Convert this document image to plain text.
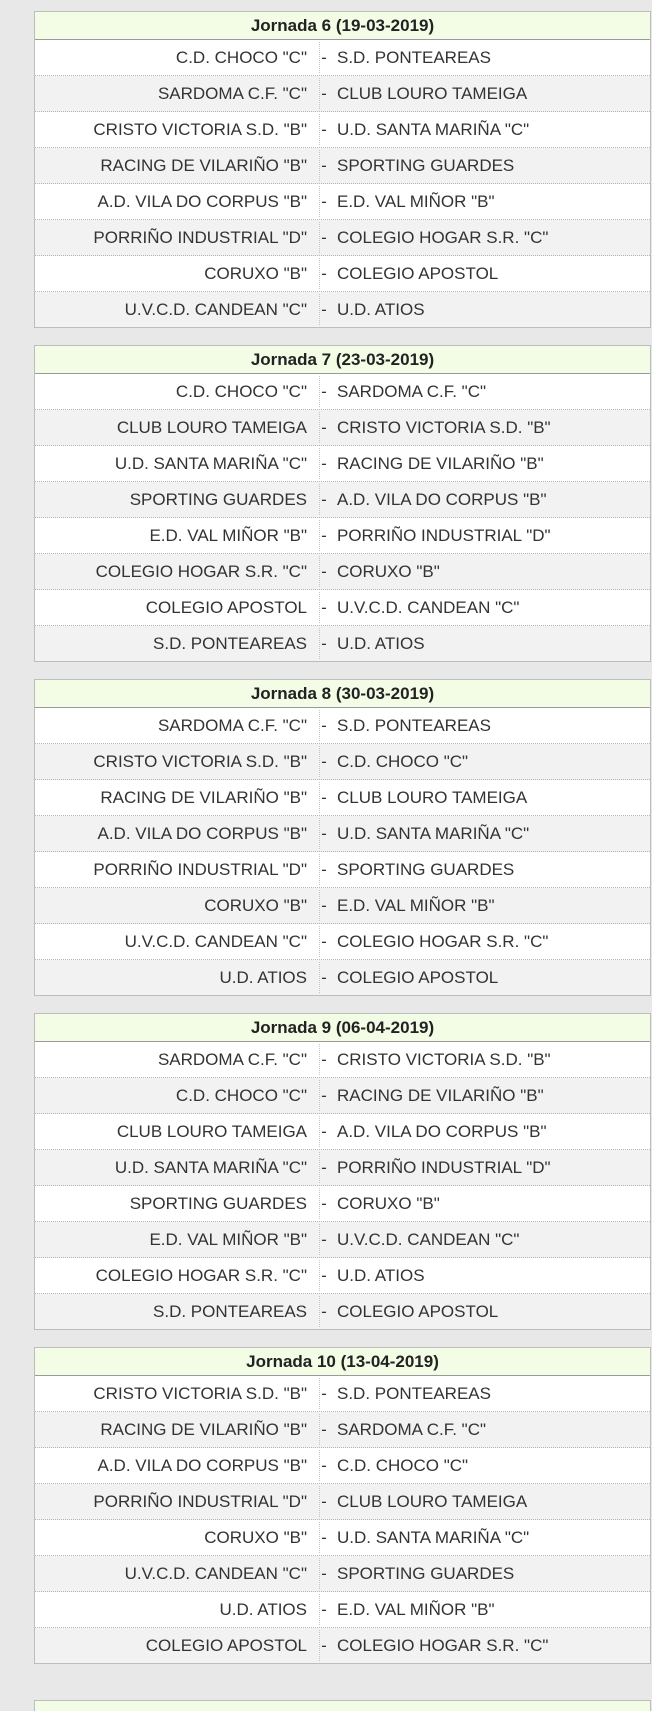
Jornada 6 (19-03-2019)
C.D. CHOCO "C" - S.D. PONTEAREAS
SARDOMA C.F. "C" - CLUB LOURO TAMEIGA
CRISTO VICTORIA S.D. "B" - U.D. SANTA MARIÑA "C"
RACING DE VILARIÑO "B" - SPORTING GUARDES
A.D. VILA DO CORPUS "B" - E.D. VAL MIÑOR "B"
PORRIÑO INDUSTRIAL "D" - COLEGIO HOGAR S.R. "C"
CORUXO "B" - COLEGIO APOSTOL
U.V.C.D. CANDEAN "C" - U.D. ATIOS
Jornada 7 (23-03-2019)
C.D. CHOCO "C" - SARDOMA C.F. "C"
CLUB LOURO TAMEIGA - CRISTO VICTORIA S.D. "B"
U.D. SANTA MARIÑA "C" - RACING DE VILARIÑO "B"
SPORTING GUARDES - A.D. VILA DO CORPUS "B"
E.D. VAL MIÑOR "B" - PORRIÑO INDUSTRIAL "D"
COLEGIO HOGAR S.R. "C" - CORUXO "B"
COLEGIO APOSTOL - U.V.C.D. CANDEAN "C"
S.D. PONTEAREAS - U.D. ATIOS
Jornada 8 (30-03-2019)
SARDOMA C.F. "C" - S.D. PONTEAREAS
CRISTO VICTORIA S.D. "B" - C.D. CHOCO "C"
RACING DE VILARIÑO "B" - CLUB LOURO TAMEIGA
A.D. VILA DO CORPUS "B" - U.D. SANTA MARIÑA "C"
PORRIÑO INDUSTRIAL "D" - SPORTING GUARDES
CORUXO "B" - E.D. VAL MIÑOR "B"
U.V.C.D. CANDEAN "C" - COLEGIO HOGAR S.R. "C"
U.D. ATIOS - COLEGIO APOSTOL
Jornada 9 (06-04-2019)
SARDOMA C.F. "C" - CRISTO VICTORIA S.D. "B"
C.D. CHOCO "C" - RACING DE VILARIÑO "B"
CLUB LOURO TAMEIGA - A.D. VILA DO CORPUS "B"
U.D. SANTA MARIÑA "C" - PORRIÑO INDUSTRIAL "D"
SPORTING GUARDES - CORUXO "B"
E.D. VAL MIÑOR "B" - U.V.C.D. CANDEAN "C"
COLEGIO HOGAR S.R. "C" - U.D. ATIOS
S.D. PONTEAREAS - COLEGIO APOSTOL
Jornada 10 (13-04-2019)
CRISTO VICTORIA S.D. "B" - S.D. PONTEAREAS
RACING DE VILARIÑO "B" - SARDOMA C.F. "C"
A.D. VILA DO CORPUS "B" - C.D. CHOCO "C"
PORRIÑO INDUSTRIAL "D" - CLUB LOURO TAMEIGA
CORUXO "B" - U.D. SANTA MARIÑA "C"
U.V.C.D. CANDEAN "C" - SPORTING GUARDES
U.D. ATIOS - E.D. VAL MIÑOR "B"
COLEGIO APOSTOL - COLEGIO HOGAR S.R. "C"
